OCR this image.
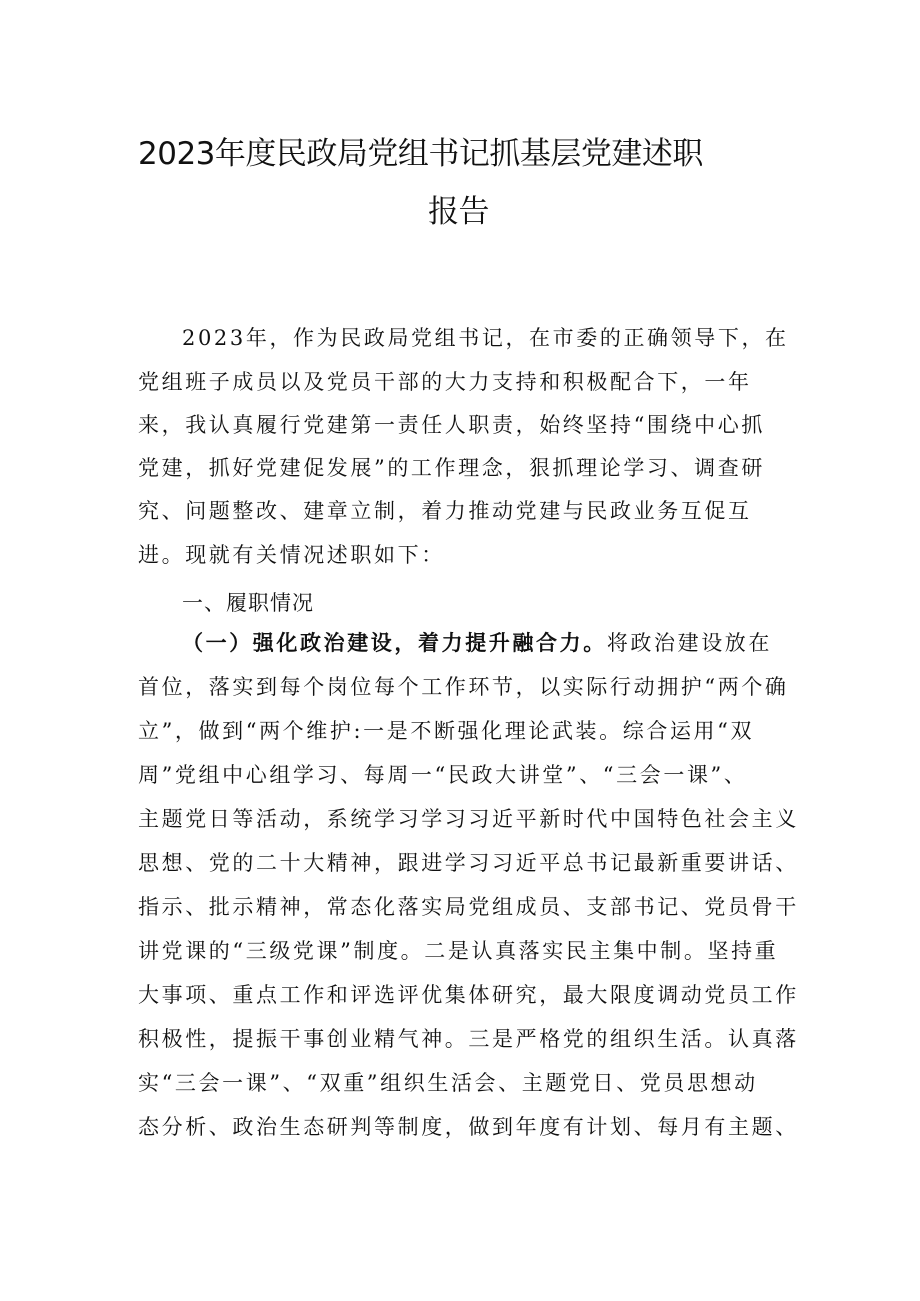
2023年度民政局党组书记抓基层党建述职
报告
2023年，作为民政局党组书记，在市委的正确领导下，在
党组班子成员以及党员干部的大力支持和积极配合下，一年
来，我认真履行党建第一责任人职责，始终坚持“围绕中心抓
党建，抓好党建促发展”的工作理念，狠抓理论学习、调查研
究、问题整改、建章立制，着力推动党建与民政业务互促互
进。现就有关情况述职如下：
一、履职情况
（一）强化政治建设，着力提升融合力。将政治建设放在
首位，落实到每个岗位每个工作环节，以实际行动拥护“两个确
立”，做到“两个维护:一是不断强化理论武装。综合运用“双
周”党组中心组学习、每周一“民政大讲堂”、“三会一课”、
主题党日等活动，系统学习学习习近平新时代中国特色社会主义
思想、党的二十大精神，跟进学习习近平总书记最新重要讲话、
指示、批示精神，常态化落实局党组成员、支部书记、党员骨干
讲党课的“三级党课”制度。二是认真落实民主集中制。坚持重
大事项、重点工作和评选评优集体研究，最大限度调动党员工作
积极性，提振干事创业精气神。三是严格党的组织生活。认真落
实“三会一课”、“双重”组织生活会、主题党日、党员思想动
态分析、政治生态研判等制度，做到年度有计划、每月有主题、
